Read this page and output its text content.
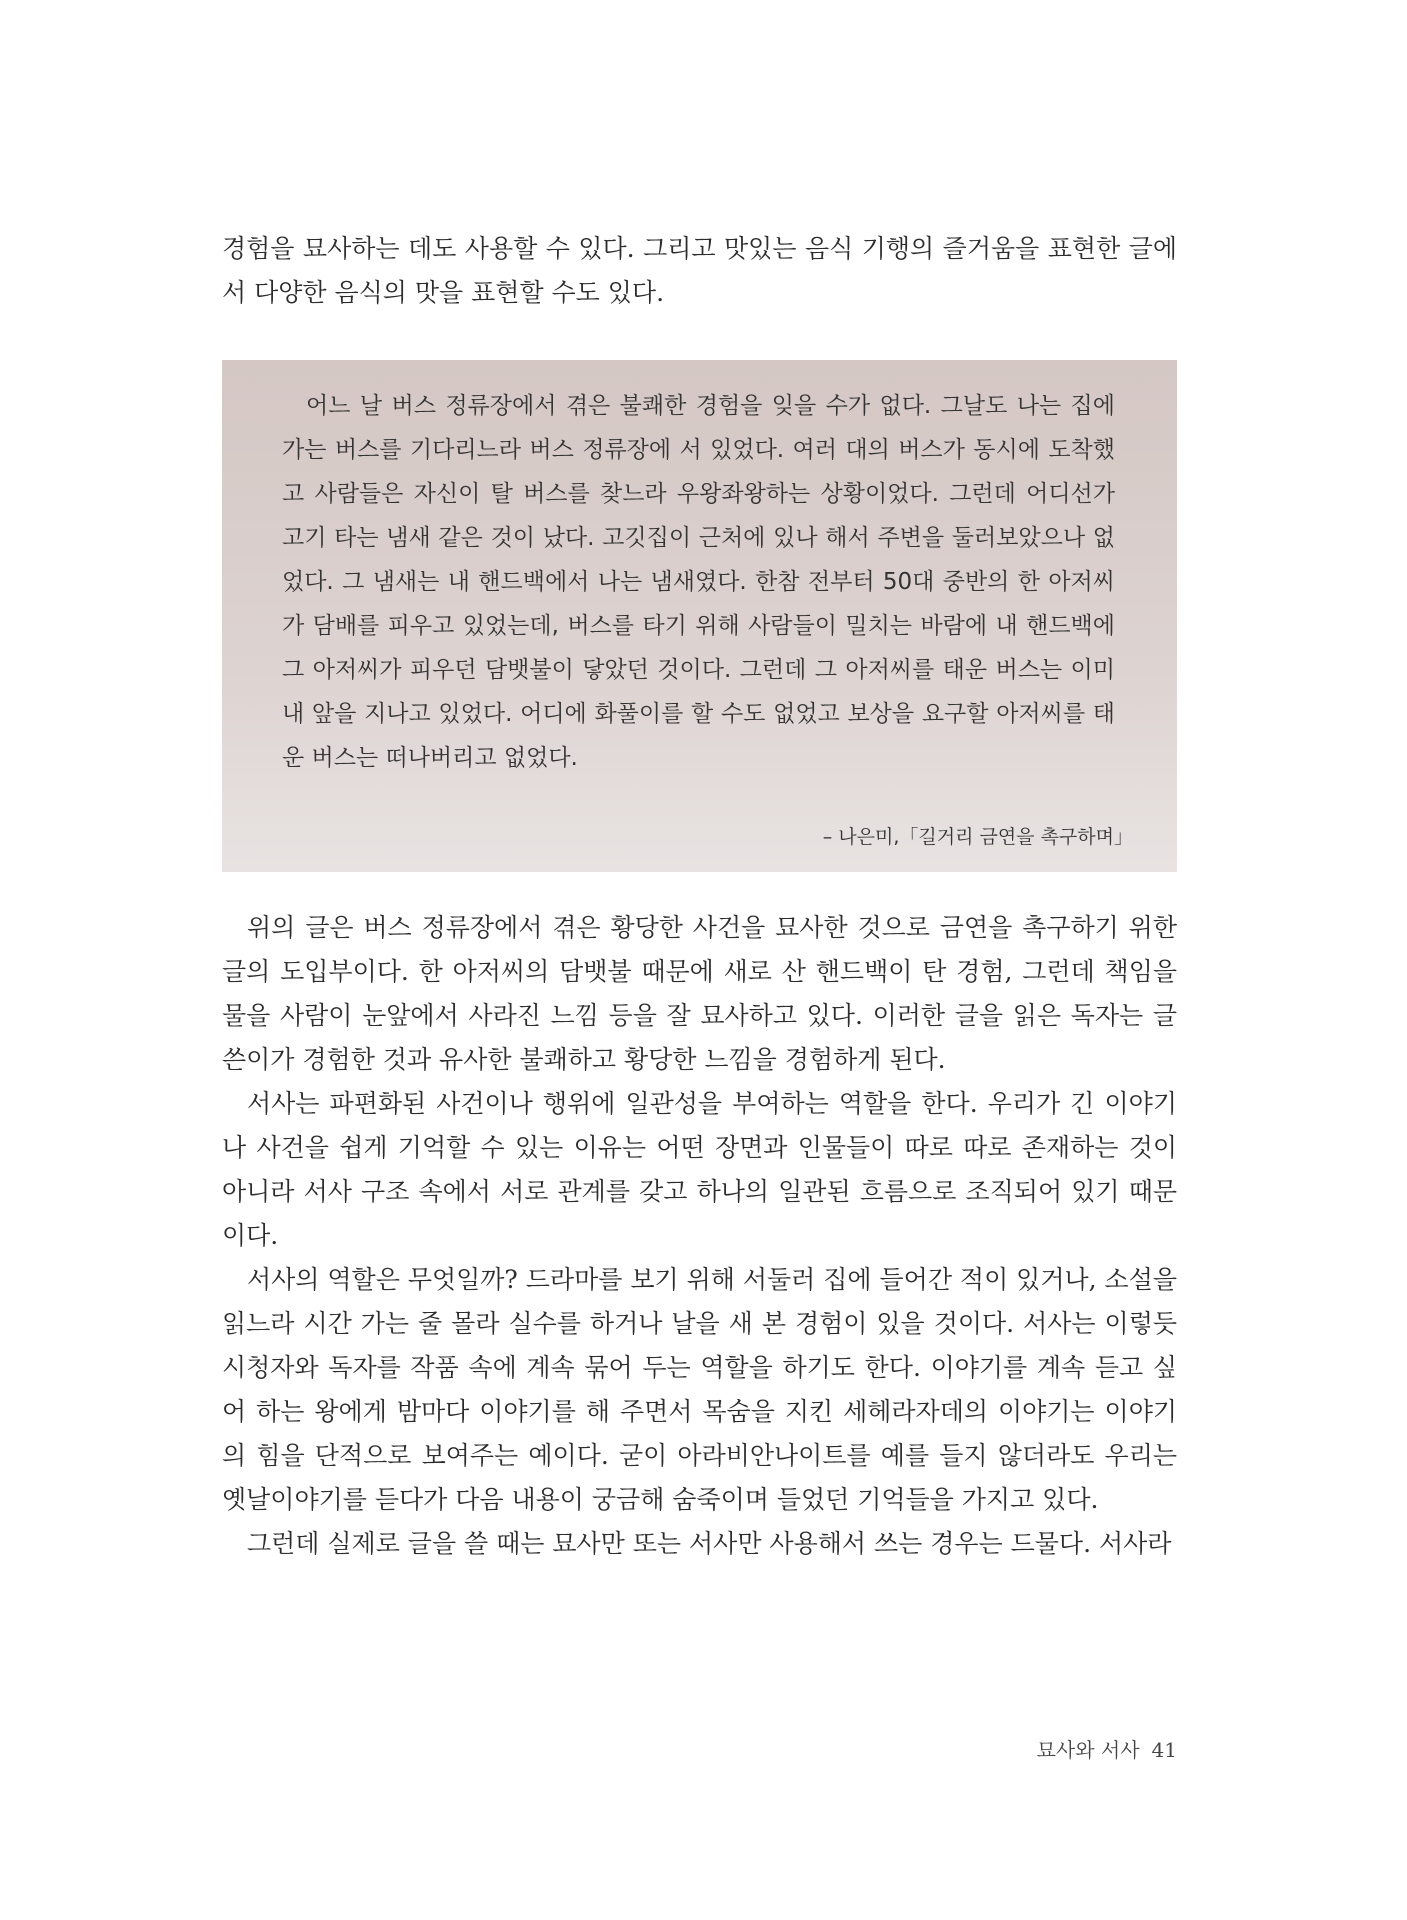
경험을 묘사하는 데도 사용할 수 있다. 그리고 맛있는 음식 기행의 즐거움을 표현한 글에서 다양한 음식의 맛을 표현할 수도 있다.

어느 날 버스 정류장에서 겪은 불쾌한 경험을 잊을 수가 없다. 그날도 나는 집에 가는 버스를 기다리느라 버스 정류장에 서 있었다. 여러 대의 버스가 동시에 도착했고 사람들은 자신이 탈 버스를 찾느라 우왕좌왕하는 상황이었다. 그런데 어디선가 고기 타는 냄새 같은 것이 났다. 고깃집이 근처에 있나 해서 주변을 둘러보았으나 없었다. 그 냄새는 내 핸드백에서 나는 냄새였다. 한참 전부터 50대 중반의 한 아저씨가 담배를 피우고 있었는데, 버스를 타기 위해 사람들이 밀치는 바람에 내 핸드백에 그 아저씨가 피우던 담뱃불이 닿았던 것이다. 그런데 그 아저씨를 태운 버스는 이미 내 앞을 지나고 있었다. 어디에 화풀이를 할 수도 없었고 보상을 요구할 아저씨를 태운 버스는 떠나버리고 없었다.

– 나은미,「길거리 금연을 촉구하며」

위의 글은 버스 정류장에서 겪은 황당한 사건을 묘사한 것으로 금연을 촉구하기 위한 글의 도입부이다. 한 아저씨의 담뱃불 때문에 새로 산 핸드백이 탄 경험, 그런데 책임을 물을 사람이 눈앞에서 사라진 느낌 등을 잘 묘사하고 있다. 이러한 글을 읽은 독자는 글쓴이가 경험한 것과 유사한 불쾌하고 황당한 느낌을 경험하게 된다.

서사는 파편화된 사건이나 행위에 일관성을 부여하는 역할을 한다. 우리가 긴 이야기나 사건을 쉽게 기억할 수 있는 이유는 어떤 장면과 인물들이 따로 따로 존재하는 것이 아니라 서사 구조 속에서 서로 관계를 갖고 하나의 일관된 흐름으로 조직되어 있기 때문이다.

서사의 역할은 무엇일까? 드라마를 보기 위해 서둘러 집에 들어간 적이 있거나, 소설을 읽느라 시간 가는 줄 몰라 실수를 하거나 날을 새 본 경험이 있을 것이다. 서사는 이렇듯 시청자와 독자를 작품 속에 계속 묶어 두는 역할을 하기도 한다. 이야기를 계속 듣고 싶어 하는 왕에게 밤마다 이야기를 해 주면서 목숨을 지킨 세헤라자데의 이야기는 이야기의 힘을 단적으로 보여주는 예이다. 굳이 아라비안나이트를 예를 들지 않더라도 우리는 옛날이야기를 듣다가 다음 내용이 궁금해 숨죽이며 들었던 기억들을 가지고 있다.

그런데 실제로 글을 쓸 때는 묘사만 또는 서사만 사용해서 쓰는 경우는 드물다. 서사라

묘사와 서사 41
